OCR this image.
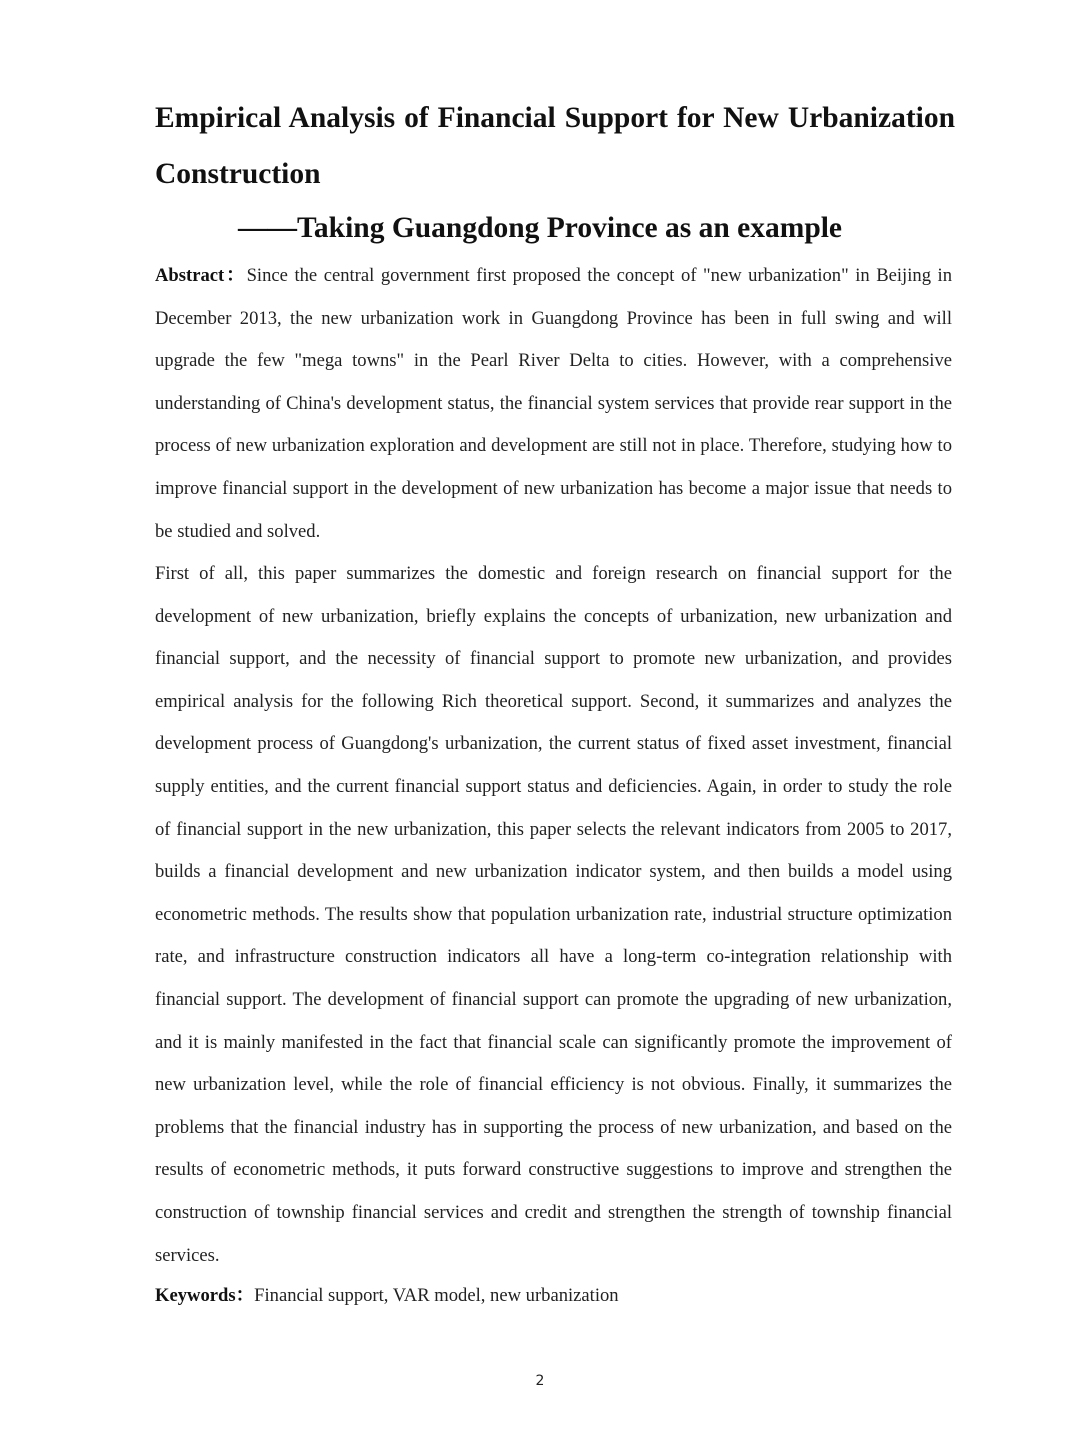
Empirical Analysis of Financial Support for New Urbanization Construction
——Taking Guangdong Province as an example

Abstract：Since the central government first proposed the concept of "new urbanization" in Beijing in December 2013, the new urbanization work in Guangdong Province has been in full swing and will upgrade the few "mega towns" in the Pearl River Delta to cities. However, with a comprehensive understanding of China's development status, the financial system services that provide rear support in the process of new urbanization exploration and development are still not in place. Therefore, studying how to improve financial support in the development of new urbanization has become a major issue that needs to be studied and solved.

First of all, this paper summarizes the domestic and foreign research on financial support for the development of new urbanization, briefly explains the concepts of urbanization, new urbanization and financial support, and the necessity of financial support to promote new urbanization, and provides empirical analysis for the following Rich theoretical support. Second, it summarizes and analyzes the development process of Guangdong's urbanization, the current status of fixed asset investment, financial supply entities, and the current financial support status and deficiencies. Again, in order to study the role of financial support in the new urbanization, this paper selects the relevant indicators from 2005 to 2017, builds a financial development and new urbanization indicator system, and then builds a model using econometric methods. The results show that population urbanization rate, industrial structure optimization rate, and infrastructure construction indicators all have a long-term co-integration relationship with financial support. The development of financial support can promote the upgrading of new urbanization, and it is mainly manifested in the fact that financial scale can significantly promote the improvement of new urbanization level, while the role of financial efficiency is not obvious. Finally, it summarizes the problems that the financial industry has in supporting the process of new urbanization, and based on the results of econometric methods, it puts forward constructive suggestions to improve and strengthen the construction of township financial services and credit and strengthen the strength of township financial services.

Keywords：Financial support, VAR model, new urbanization

2
